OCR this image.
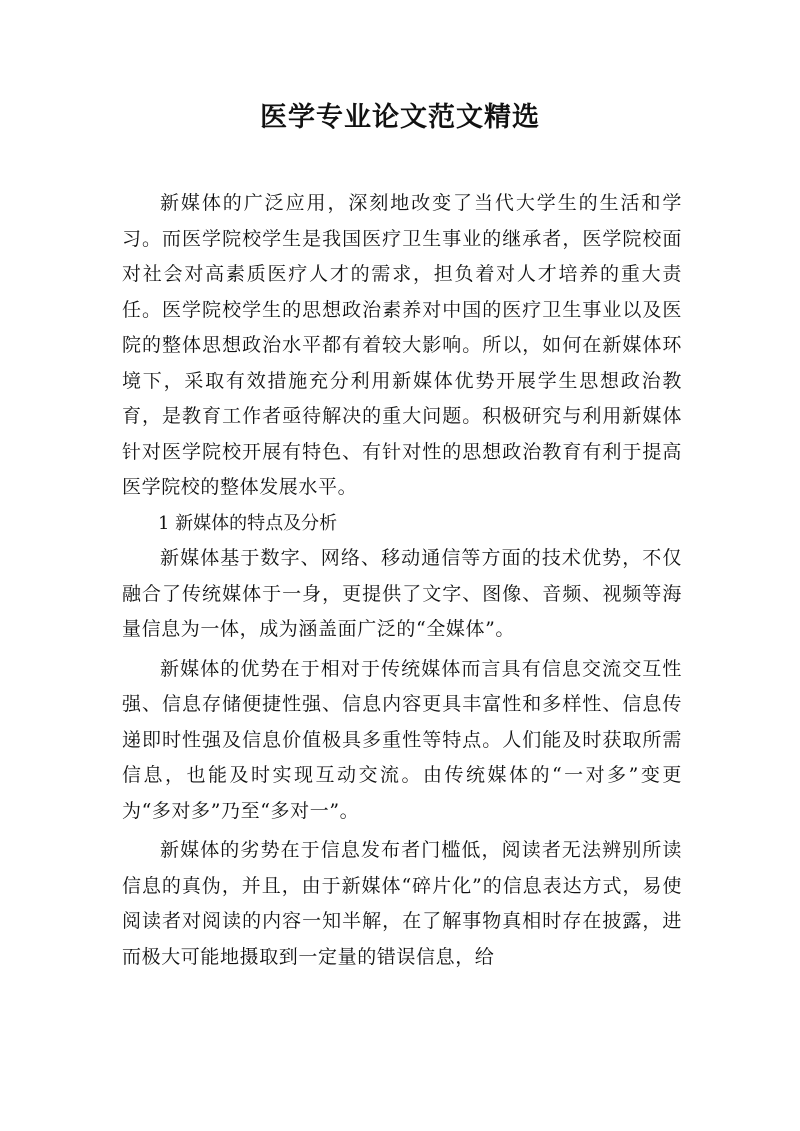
医学专业论文范文精选

新媒体的广泛应用，深刻地改变了当代大学生的生活和学习。而医学院校学生是我国医疗卫生事业的继承者，医学院校面对社会对高素质医疗人才的需求，担负着对人才培养的重大责任。医学院校学生的思想政治素养对中国的医疗卫生事业以及医院的整体思想政治水平都有着较大影响。所以，如何在新媒体环境下，采取有效措施充分利用新媒体优势开展学生思想政治教育，是教育工作者亟待解决的重大问题。积极研究与利用新媒体针对医学院校开展有特色、有针对性的思想政治教育有利于提高医学院校的整体发展水平。

1 新媒体的特点及分析

新媒体基于数字、网络、移动通信等方面的技术优势，不仅融合了传统媒体于一身，更提供了文字、图像、音频、视频等海量信息为一体，成为涵盖面广泛的“全媒体”。

新媒体的优势在于相对于传统媒体而言具有信息交流交互性强、信息存储便捷性强、信息内容更具丰富性和多样性、信息传递即时性强及信息价值极具多重性等特点。人们能及时获取所需信息，也能及时实现互动交流。由传统媒体的“一对多”变更为“多对多”乃至“多对一”。

新媒体的劣势在于信息发布者门槛低，阅读者无法辨别所读信息的真伪，并且，由于新媒体“碎片化”的信息表达方式，易使阅读者对阅读的内容一知半解，在了解事物真相时存在披露，进而极大可能地摄取到一定量的错误信息，给
